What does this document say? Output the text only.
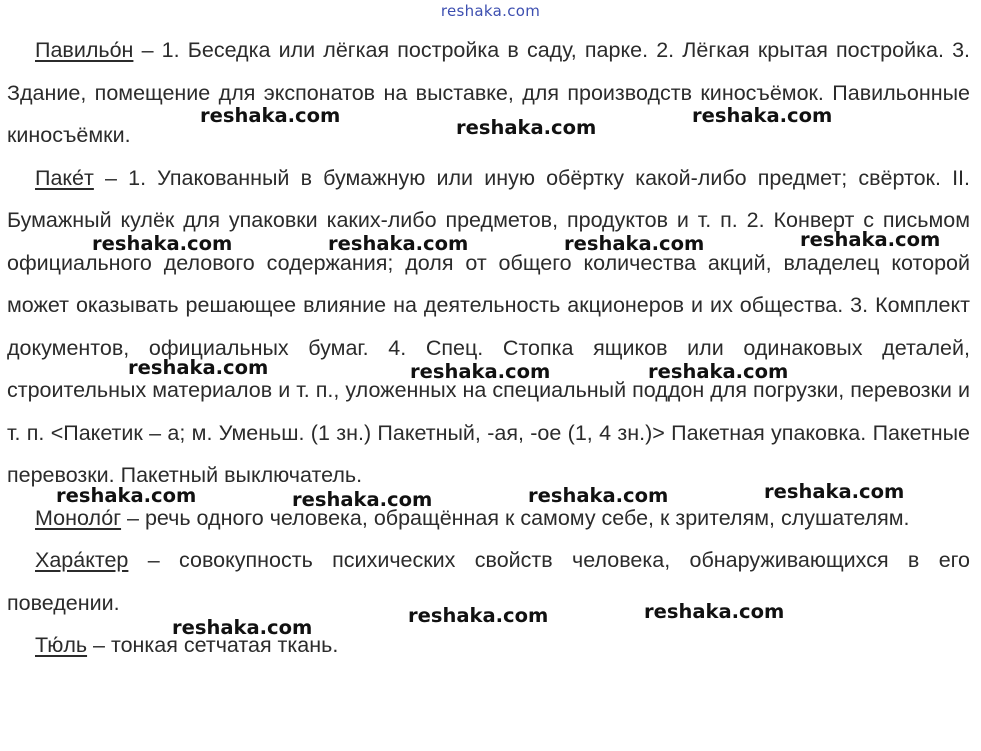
reshaka.com

Павильо́н – 1. Беседка или лёгкая постройка в саду, парке. 2. Лёгкая крытая постройка. 3. Здание, помещение для экспонатов на выставке, для производств киносъёмок. Павильонные киносъёмки.

Паке́т – 1. Упакованный в бумажную или иную обёртку какой-либо предмет; свёрток. II. Бумажный кулёк для упаковки каких-либо предметов, продуктов и т. п. 2. Конверт с письмом официального делового содержания; доля от общего количества акций, владелец которой может оказывать решающее влияние на деятельность акционеров и их общества. 3. Комплект документов, официальных бумаг. 4. Спец. Стопка ящиков или одинаковых деталей, строительных материалов и т. п., уложенных на специальный поддон для погрузки, перевозки и т. п. <Пакетик – а; м. Уменьш. (1 зн.) Пакетный, -ая, -ое (1, 4 зн.)> Пакетная упаковка. Пакетные перевозки. Пакетный выключатель.

Моноло́г – речь одного человека, обращённая к самому себе, к зрителям, слушателям.

Хара́ктер – совокупность психических свойств человека, обнаруживающихся в его поведении.

Тю́ль – тонкая сетчатая ткань.

reshaka.com
reshaka.com
reshaka.com
reshaka.com	reshaka.com	reshaka.com	reshaka.com
reshaka.com	reshaka.com	reshaka.com
reshaka.com	reshaka.com	reshaka.com	reshaka.com
reshaka.com	reshaka.com
reshaka.com
